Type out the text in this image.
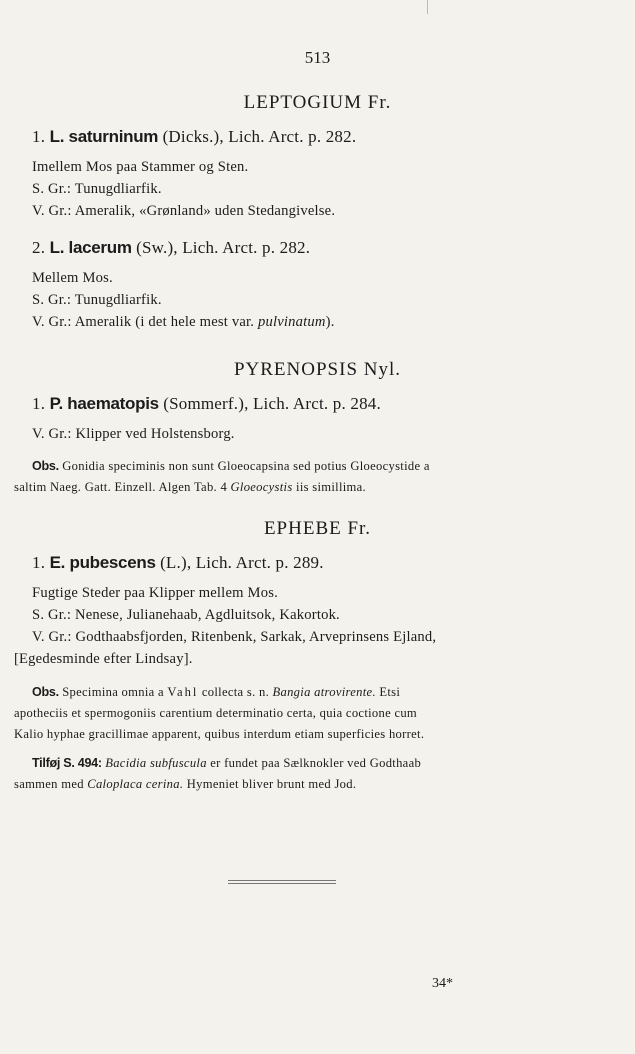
513
LEPTOGIUM Fr.
1. L. saturninum (Dicks.), Lich. Arct. p. 282.
Imellem Mos paa Stammer og Sten.
S. Gr.: Tunugdliarfik.
V. Gr.: Ameralik, «Grønland» uden Stedangivelse.
2. L. lacerum (Sw.), Lich. Arct. p. 282.
Mellem Mos.
S. Gr.: Tunugdliarfik.
V. Gr.: Ameralik (i det hele mest var. pulvinatum).
PYRENOPSIS Nyl.
1. P. haematopis (Sommerf.), Lich. Arct. p. 284.
V. Gr.: Klipper ved Holstensborg.
Obs. Gonidia speciminis non sunt Gloeocapsina sed potius Gloeocystide a
saltim Naeg. Gatt. Einzell. Algen Tab. 4 Gloeocystis iis simillima.
EPHEBE Fr.
1. E. pubescens (L.), Lich. Arct. p. 289.
Fugtige Steder paa Klipper mellem Mos.
S. Gr.: Nenese, Julianehaab, Agdluitsok, Kakortok.
V. Gr.: Godthaabsfjorden, Ritenbenk, Sarkak, Arveprinsens Ejland,
[Egedesminde efter Lindsay].
Obs. Specimina omnia a Vahl collecta s. n. Bangia atrovirente. Etsi
apotheciis et spermogoniis carentium determinatio certa, quia coctione cum
Kalio hyphae gracillimae apparent, quibus interdum etiam superficies horret.
Tilføj S. 494: Bacidia subfuscula er fundet paa Sælknokler ved Godthaab
sammen med Caloplaca cerina. Hymeniet bliver brunt med Jod.
34*
